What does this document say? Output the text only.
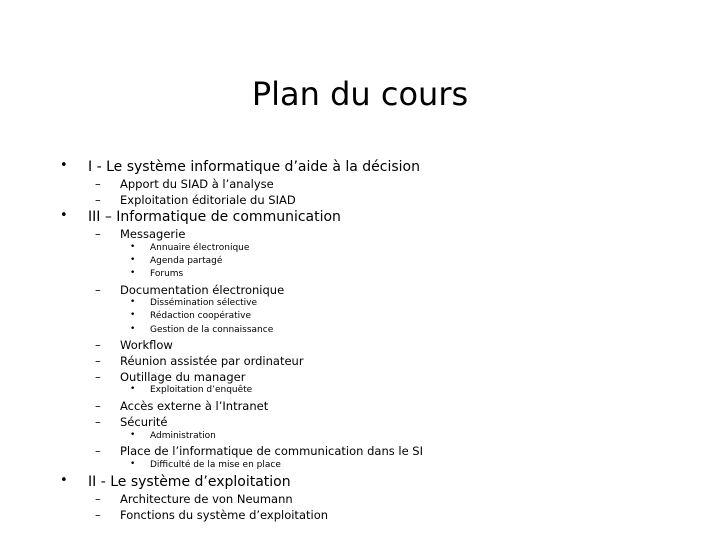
Plan du cours
• I - Le système informatique d’aide à la décision
– Apport du SIAD à l’analyse
– Exploitation éditoriale du SIAD
• III – Informatique de communication
– Messagerie
• Annuaire électronique
• Agenda partagé
• Forums
– Documentation électronique
• Dissémination sélective
• Rédaction coopérative
• Gestion de la connaissance
– Workflow
– Réunion assistée par ordinateur
– Outillage du manager
• Exploitation d’enquête
– Accès externe à l’Intranet
– Sécurité
• Administration
– Place de l’informatique de communication dans le SI
• Difficulté de la mise en place
• II - Le système d’exploitation
– Architecture de von Neumann
– Fonctions du système d’exploitation
